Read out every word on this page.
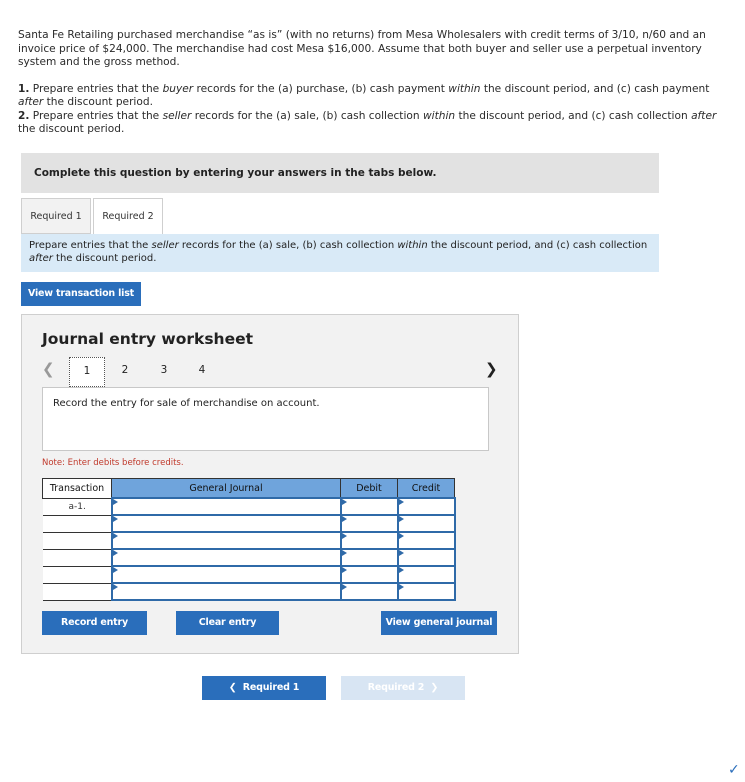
Santa Fe Retailing purchased merchandise “as is” (with no returns) from Mesa Wholesalers with credit terms of 3/10, n/60 and an invoice price of $24,000. The merchandise had cost Mesa $16,000. Assume that both buyer and seller use a perpetual inventory system and the gross method.

1. Prepare entries that the buyer records for the (a) purchase, (b) cash payment within the discount period, and (c) cash payment after the discount period.

2. Prepare entries that the seller records for the (a) sale, (b) cash collection within the discount period, and (c) cash collection after the discount period.

Complete this question by entering your answers in the tabs below.
Required 1	Required 2
Prepare entries that the seller records for the (a) sale, (b) cash collection within the discount period, and (c) cash collection after the discount period.
View transaction list
Journal entry worksheet
❮	1	2	3	4	❯
Record the entry for sale of merchandise on account.
Note: Enter debits before credits.
Transaction	General Journal	Debit	Credit
a-1.			

Record entry	Clear entry	View general journal
❮  Required 1	Required 2  ❯
✓
